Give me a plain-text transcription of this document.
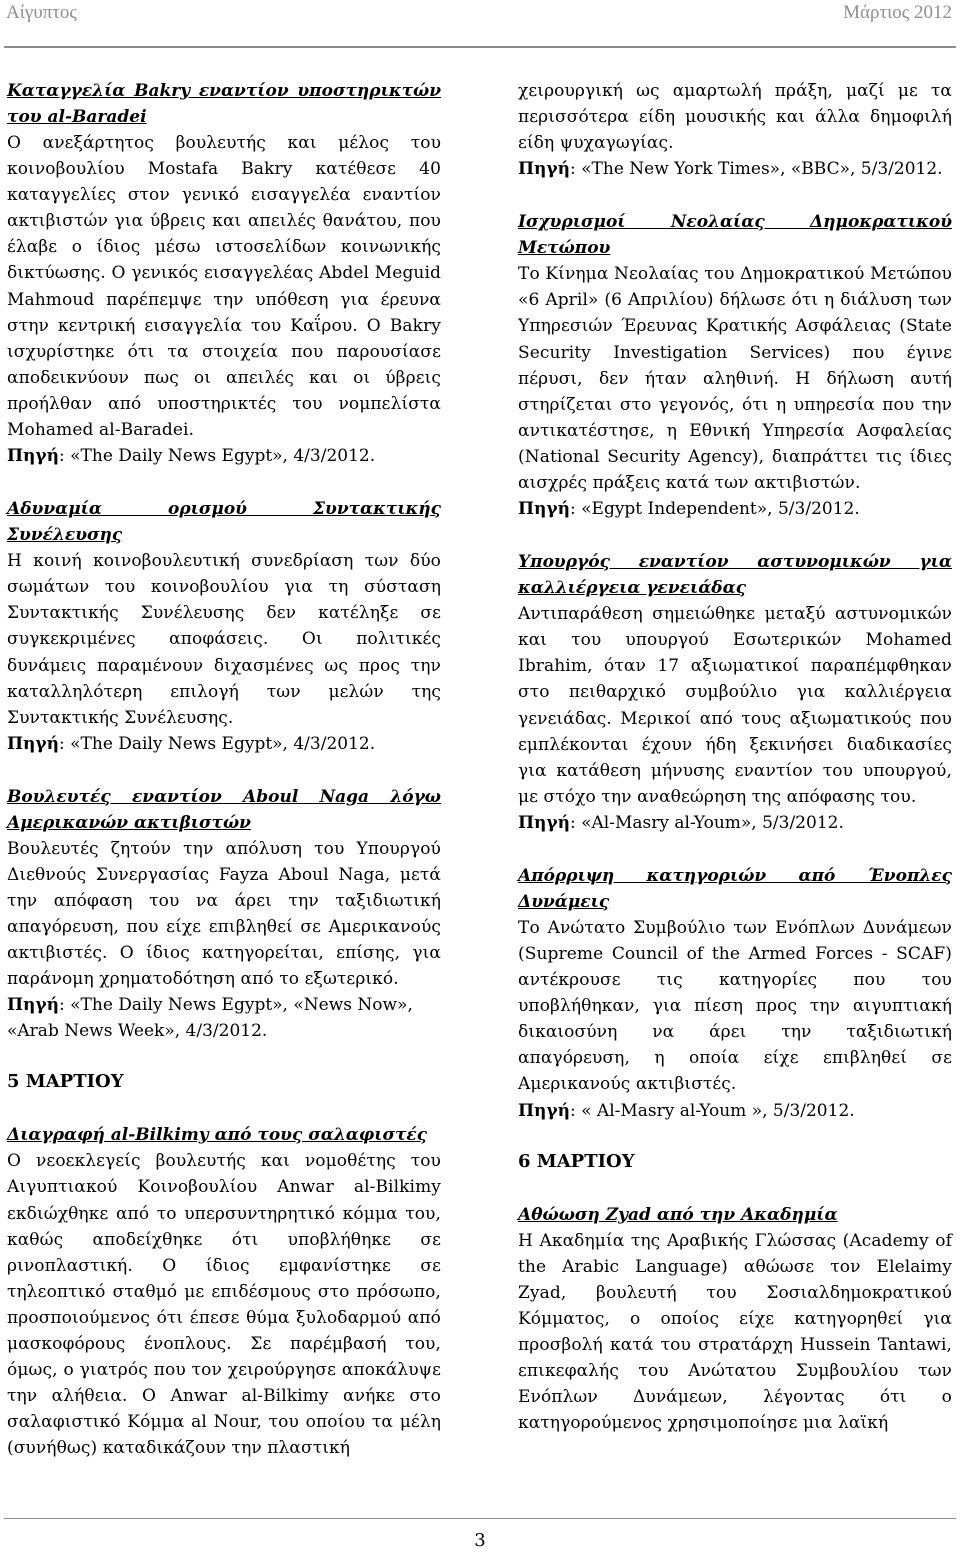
Αίγυπτος	Μάρτιος 2012
Καταγγελία Bakry εναντίον υποστηρικτών του al-Baradei

Ο ανεξάρτητος βουλευτής και μέλος του κοινοβουλίου Mostafa Bakry κατέθεσε 40 καταγγελίες στον γενικό εισαγγελέα εναντίον ακτιβιστών για ύβρεις και απειλές θανάτου, που έλαβε ο ίδιος μέσω ιστοσελίδων κοινωνικής δικτύωσης. Ο γενικός εισαγγελέας Abdel Meguid Mahmoud παρέπεμψε την υπόθεση για έρευνα στην κεντρική εισαγγελία του Καΐρου. Ο Bakry ισχυρίστηκε ότι τα στοιχεία που παρουσίασε αποδεικνύουν πως οι απειλές και οι ύβρεις προήλθαν από υποστηρικτές του νομπελίστα Mohamed al-Baradei.

Πηγή: «The Daily News Egypt», 4/3/2012.
Αδυναμία ορισμού Συντακτικής Συνέλευσης

Η κοινή κοινοβουλευτική συνεδρίαση των δύο σωμάτων του κοινοβουλίου για τη σύσταση Συντακτικής Συνέλευσης δεν κατέληξε σε συγκεκριμένες αποφάσεις. Οι πολιτικές δυνάμεις παραμένουν διχασμένες ως προς την καταλληλότερη επιλογή των μελών της Συντακτικής Συνέλευσης.

Πηγή: «The Daily News Egypt», 4/3/2012.
Βουλευτές εναντίον Aboul Naga λόγω Αμερικανών ακτιβιστών

Βουλευτές ζητούν την απόλυση του Υπουργού Διεθνούς Συνεργασίας Fayza Aboul Naga, μετά την απόφαση του να άρει την ταξιδιωτική απαγόρευση, που είχε επιβληθεί σε Αμερικανούς ακτιβιστές. Ο ίδιος κατηγορείται, επίσης, για παράνομη χρηματοδότηση από το εξωτερικό.

Πηγή: «The Daily News Egypt», «News Now», «Arab News Week», 4/3/2012.
5 ΜΑΡΤΙΟΥ
Διαγραφή al-Bilkimy από τους σαλαφιστές

Ο νεοεκλεγείς βουλευτής και νομοθέτης του Αιγυπτιακού Κοινοβουλίου Anwar al-Bilkimy εκδιώχθηκε από το υπερσυντηρητικό κόμμα του, καθώς αποδείχθηκε ότι υποβλήθηκε σε ρινοπλαστική. Ο ίδιος εμφανίστηκε σε τηλεοπτικό σταθμό με επιδέσμους στο πρόσωπο, προσποιούμενος ότι έπεσε θύμα ξυλοδαρμού από μασκοφόρους ένοπλους. Σε παρέμβασή του, όμως, ο γιατρός που τον χειρούργησε αποκάλυψε την αλήθεια. Ο Anwar al-Bilkimy ανήκε στο σαλαφιστικό Κόμμα al Nour, του οποίου τα μέλη (συνήθως) καταδικάζουν την πλαστική

χειρουργική ως αμαρτωλή πράξη, μαζί με τα περισσότερα είδη μουσικής και άλλα δημοφιλή είδη ψυχαγωγίας.

Πηγή: «The New York Times», «BBC», 5/3/2012.
Ισχυρισμοί Νεολαίας Δημοκρατικού Μετώπου

Το Κίνημα Νεολαίας του Δημοκρατικού Μετώπου «6 April» (6 Απριλίου) δήλωσε ότι η διάλυση των Υπηρεσιών Έρευνας Κρατικής Ασφάλειας (State Security Investigation Services) που έγινε πέρυσι, δεν ήταν αληθινή. Η δήλωση αυτή στηρίζεται στο γεγονός, ότι η υπηρεσία που την αντικατέστησε, η Εθνική Υπηρεσία Ασφαλείας (National Security Agency), διαπράττει τις ίδιες αισχρές πράξεις κατά των ακτιβιστών.

Πηγή: «Egypt Independent», 5/3/2012.
Υπουργός εναντίον αστυνομικών για καλλιέργεια γενειάδας

Αντιπαράθεση σημειώθηκε μεταξύ αστυνομικών και του υπουργού Εσωτερικών Mohamed Ibrahim, όταν 17 αξιωματικοί παραπέμφθηκαν στο πειθαρχικό συμβούλιο για καλλιέργεια γενειάδας. Μερικοί από τους αξιωματικούς που εμπλέκονται έχουν ήδη ξεκινήσει διαδικασίες για κατάθεση μήνυσης εναντίον του υπουργού, με στόχο την αναθεώρηση της απόφασης του.

Πηγή: «Al-Masry al-Youm», 5/3/2012.
Απόρριψη κατηγοριών από Ένοπλες Δυνάμεις

Το Ανώτατο Συμβούλιο των Ενόπλων Δυνάμεων (Supreme Council of the Armed Forces - SCAF) αντέκρουσε τις κατηγορίες που του υποβλήθηκαν, για πίεση προς την αιγυπτιακή δικαιοσύνη να άρει την ταξιδιωτική απαγόρευση, η οποία είχε επιβληθεί σε Αμερικανούς ακτιβιστές.

Πηγή: « Al-Masry al-Youm », 5/3/2012.
6 ΜΑΡΤΙΟΥ
Αθώωση Zyad από την Ακαδημία

Η Ακαδημία της Αραβικής Γλώσσας (Academy of the Arabic Language) αθώωσε τον Elelaimy Zyad, βουλευτή του Σοσιαλδημοκρατικού Κόμματος, ο οποίος είχε κατηγορηθεί για προσβολή κατά του στρατάρχη Hussein Tantawi, επικεφαλής του Ανώτατου Συμβουλίου των Ενόπλων Δυνάμεων, λέγοντας ότι ο κατηγορούμενος χρησιμοποίησε μια λαϊκή

3
